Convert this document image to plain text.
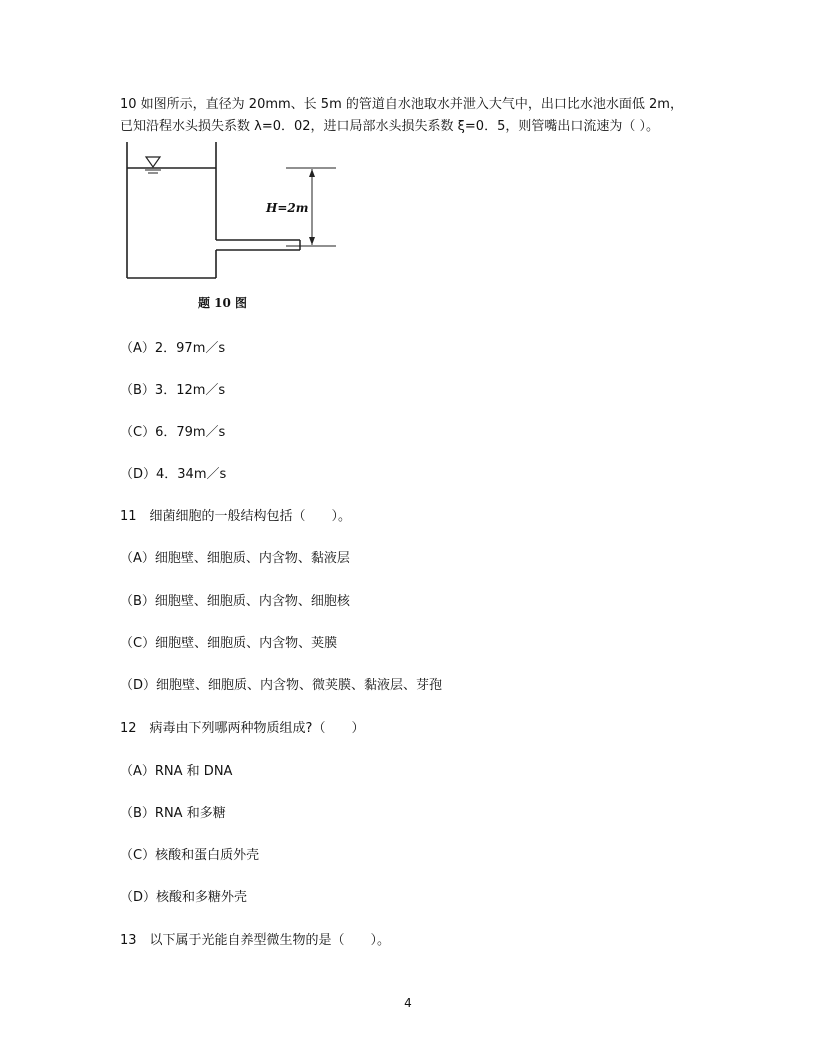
10 如图所示，直径为 20mm、长 5m 的管道自水池取水并泄入大气中，出口比水池水面低 2m，
已知沿程水头损失系数 λ=0．02，进口局部水头损失系数 ξ=0．5，则管嘴出口流速为（ ）。
H=2m
题 10 图
（A）2．97m／s
（B）3．12m／s
（C）6．79m／s
（D）4．34m／s
11　细菌细胞的一般结构包括（　　）。
（A）细胞壁、细胞质、内含物、黏液层
（B）细胞壁、细胞质、内含物、细胞核
（C）细胞壁、细胞质、内含物、荚膜
（D）细胞壁、细胞质、内含物、微荚膜、黏液层、芽孢
12　病毒由下列哪两种物质组成?（　　）
（A）RNA 和 DNA
（B）RNA 和多糖
（C）核酸和蛋白质外壳
（D）核酸和多糖外壳
13　以下属于光能自养型微生物的是（　　）。
4
